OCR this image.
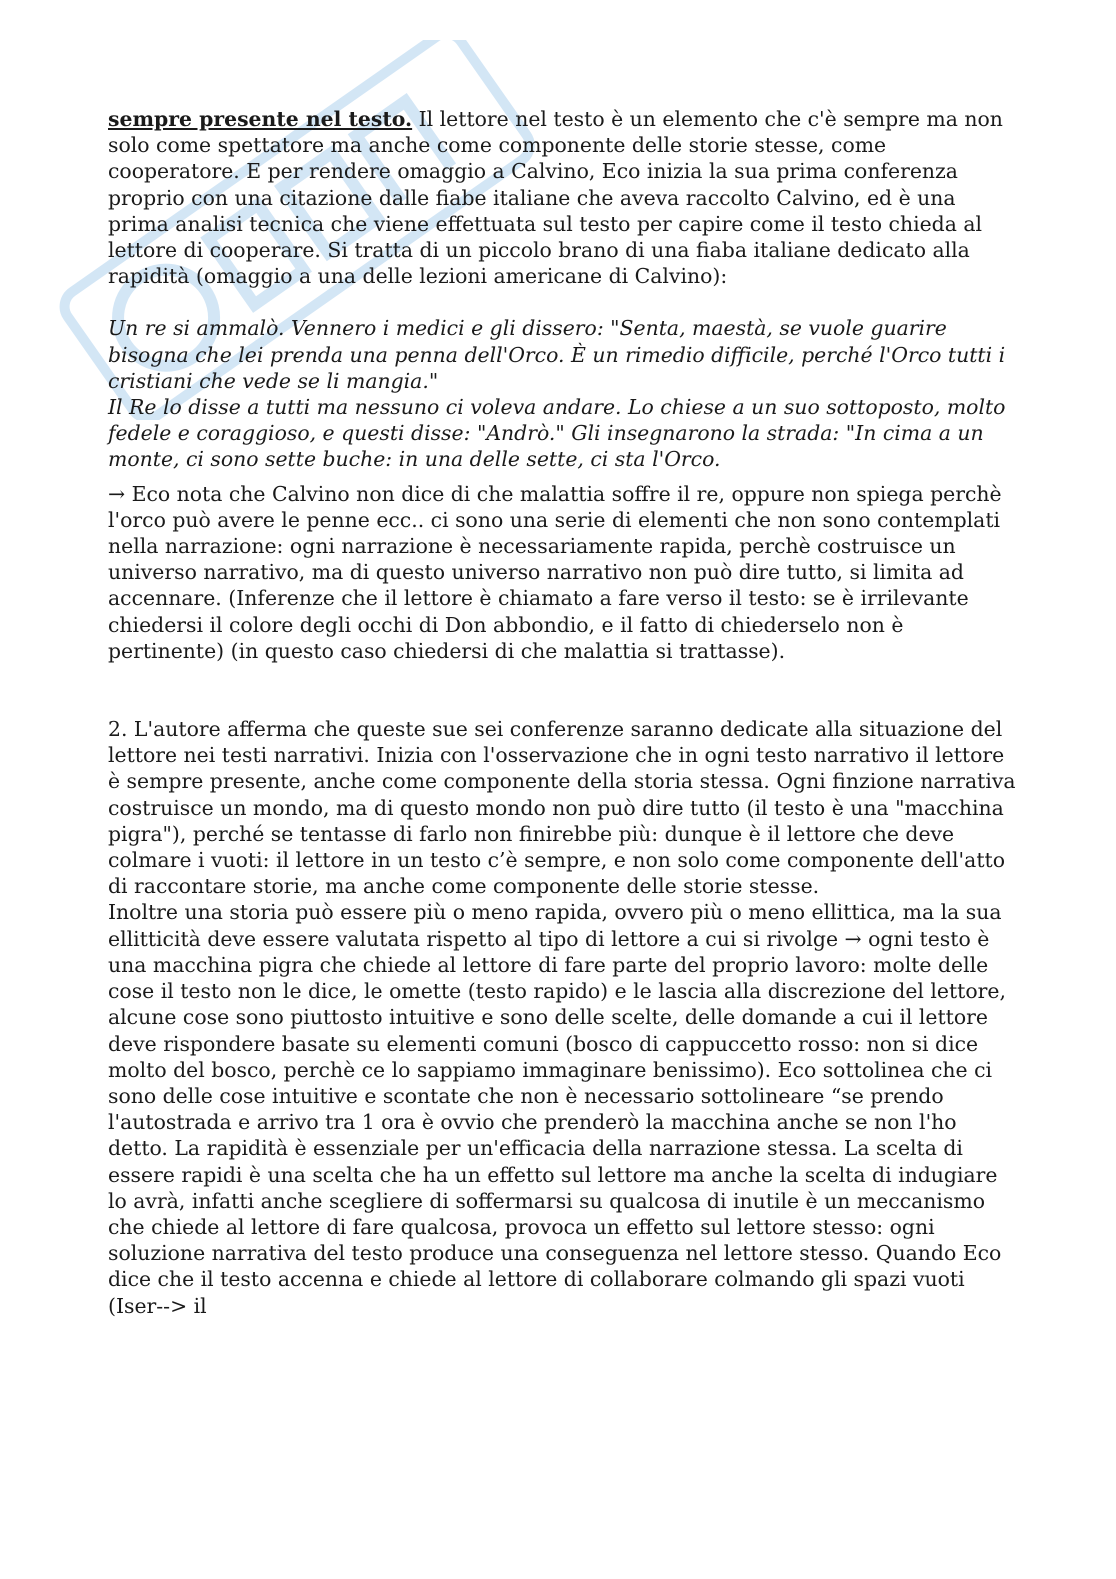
sempre presente nel testo. Il lettore nel testo è un elemento che c'è sempre ma non solo come spettatore ma anche come componente delle storie stesse, come cooperatore. E per rendere omaggio a Calvino, Eco inizia la sua prima conferenza proprio con una citazione dalle fiabe italiane che aveva raccolto Calvino, ed è una prima analisi tecnica che viene effettuata sul testo per capire come il testo chieda al lettore di cooperare. Si tratta di un piccolo brano di una fiaba italiane dedicato alla rapidità (omaggio a una delle lezioni americane di Calvino):

Un re si ammalò. Vennero i medici e gli dissero: "Senta, maestà, se vuole guarire bisogna che lei prenda una penna dell'Orco. È un rimedio difficile, perché l'Orco tutti i cristiani che vede se li mangia."

Il Re lo disse a tutti ma nessuno ci voleva andare. Lo chiese a un suo sottoposto, molto fedele e coraggioso, e questi disse: "Andrò." Gli insegnarono la strada: "In cima a un monte, ci sono sette buche: in una delle sette, ci sta l'Orco.

→ Eco nota che Calvino non dice di che malattia soffre il re, oppure non spiega perchè l'orco può avere le penne ecc.. ci sono una serie di elementi che non sono contemplati nella narrazione: ogni narrazione è necessariamente rapida, perchè costruisce un universo narrativo, ma di questo universo narrativo non può dire tutto, si limita ad accennare. (Inferenze che il lettore è chiamato a fare verso il testo: se è irrilevante chiedersi il colore degli occhi di Don abbondio, e il fatto di chiederselo non è pertinente) (in questo caso chiedersi di che malattia si trattasse).

2. L'autore afferma che queste sue sei conferenze saranno dedicate alla situazione del lettore nei testi narrativi. Inizia con l'osservazione che in ogni testo narrativo il lettore è sempre presente, anche come componente della storia stessa. Ogni finzione narrativa costruisce un mondo, ma di questo mondo non può dire tutto (il testo è una "macchina pigra"), perché se tentasse di farlo non finirebbe più: dunque è il lettore che deve colmare i vuoti: il lettore in un testo c’è sempre, e non solo come componente dell'atto di raccontare storie, ma anche come componente delle storie stesse.

Inoltre una storia può essere più o meno rapida, ovvero più o meno ellittica, ma la sua ellitticità deve essere valutata rispetto al tipo di lettore a cui si rivolge → ogni testo è una macchina pigra che chiede al lettore di fare parte del proprio lavoro: molte delle cose il testo non le dice, le omette (testo rapido) e le lascia alla discrezione del lettore, alcune cose sono piuttosto intuitive e sono delle scelte, delle domande a cui il lettore deve rispondere basate su elementi comuni (bosco di cappuccetto rosso: non si dice molto del bosco, perchè ce lo sappiamo immaginare benissimo). Eco sottolinea che ci sono delle cose intuitive e scontate che non è necessario sottolineare “se prendo l'autostrada e arrivo tra 1 ora è ovvio che prenderò la macchina anche se non l'ho detto. La rapidità è essenziale per un'efficacia della narrazione stessa. La scelta di essere rapidi è una scelta che ha un effetto sul lettore ma anche la scelta di indugiare lo avrà, infatti anche scegliere di soffermarsi su qualcosa di inutile è un meccanismo che chiede al lettore di fare qualcosa, provoca un effetto sul lettore stesso: ogni soluzione narrativa del testo produce una conseguenza nel lettore stesso. Quando Eco dice che il testo accenna e chiede al lettore di collaborare colmando gli spazi vuoti (Iser--> il
